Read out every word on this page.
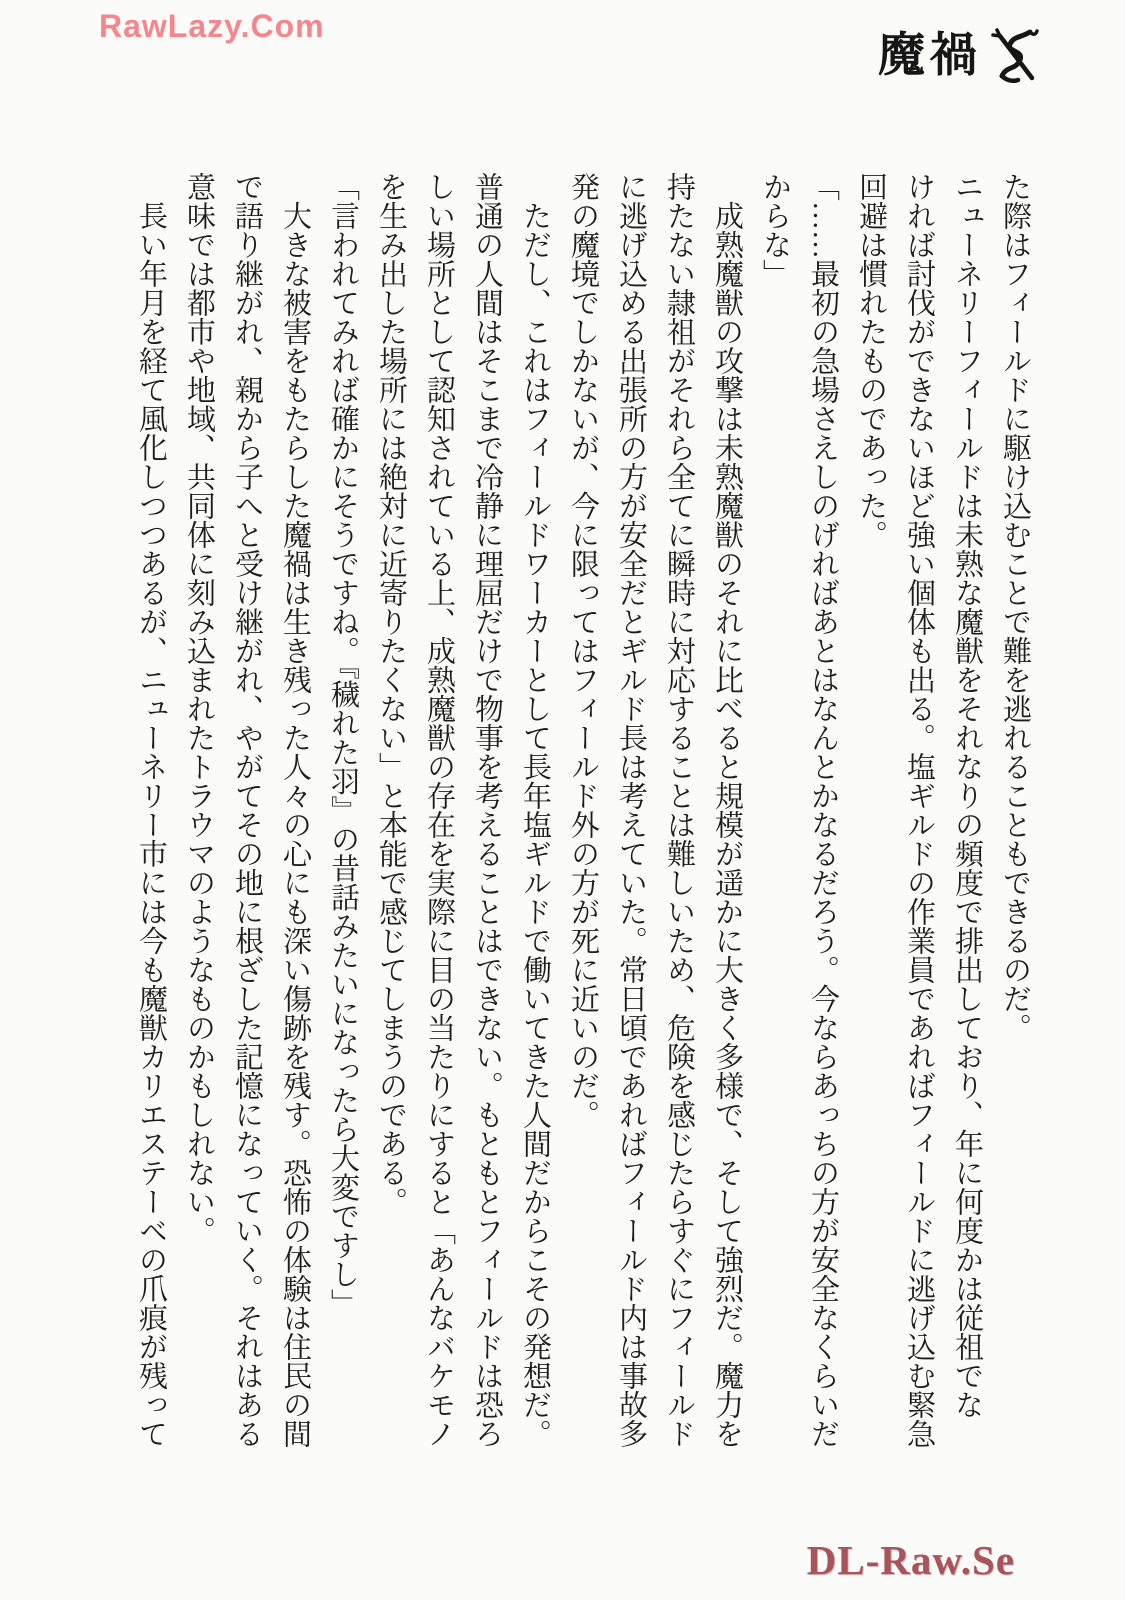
RawLazy.Com
魔禍
た際はフィールドに駆け込むことで難を逃れることもできるのだ。
ニューネリーフィールドは未熟な魔獣をそれなりの頻度で排出しており、年に何度かは従祖でな
ければ討伐ができないほど強い個体も出る。塩ギルドの作業員であればフィールドに逃げ込む緊急
回避は慣れたものであった。
「……最初の急場さえしのげればあとはなんとかなるだろう。今ならあっちの方が安全なくらいだ
からな」
成熟魔獣の攻撃は未熟魔獣のそれに比べると規模が遥かに大きく多様で、そして強烈だ。魔力を
持たない隷祖がそれら全てに瞬時に対応することは難しいため、危険を感じたらすぐにフィールド
に逃げ込める出張所の方が安全だとギルド長は考えていた。常日頃であればフィールド内は事故多
発の魔境でしかないが、今に限ってはフィールド外の方が死に近いのだ。
ただし、これはフィールドワーカーとして長年塩ギルドで働いてきた人間だからこその発想だ。
普通の人間はそこまで冷静に理屈だけで物事を考えることはできない。もともとフィールドは恐ろ
しい場所として認知されている上、成熟魔獣の存在を実際に目の当たりにすると「あんなバケモノ
を生み出した場所には絶対に近寄りたくない」と本能で感じてしまうのである。
「言われてみれば確かにそうですね。『穢れた羽』の昔話みたいになったら大変ですし」
大きな被害をもたらした魔禍は生き残った人々の心にも深い傷跡を残す。恐怖の体験は住民の間
で語り継がれ、親から子へと受け継がれ、やがてその地に根ざした記憶になっていく。それはある
意味では都市や地域、共同体に刻み込まれたトラウマのようなものかもしれない。
長い年月を経て風化しつつあるが、ニューネリー市には今も魔獣カリエステーベの爪痕が残って
DL-Raw.Se
